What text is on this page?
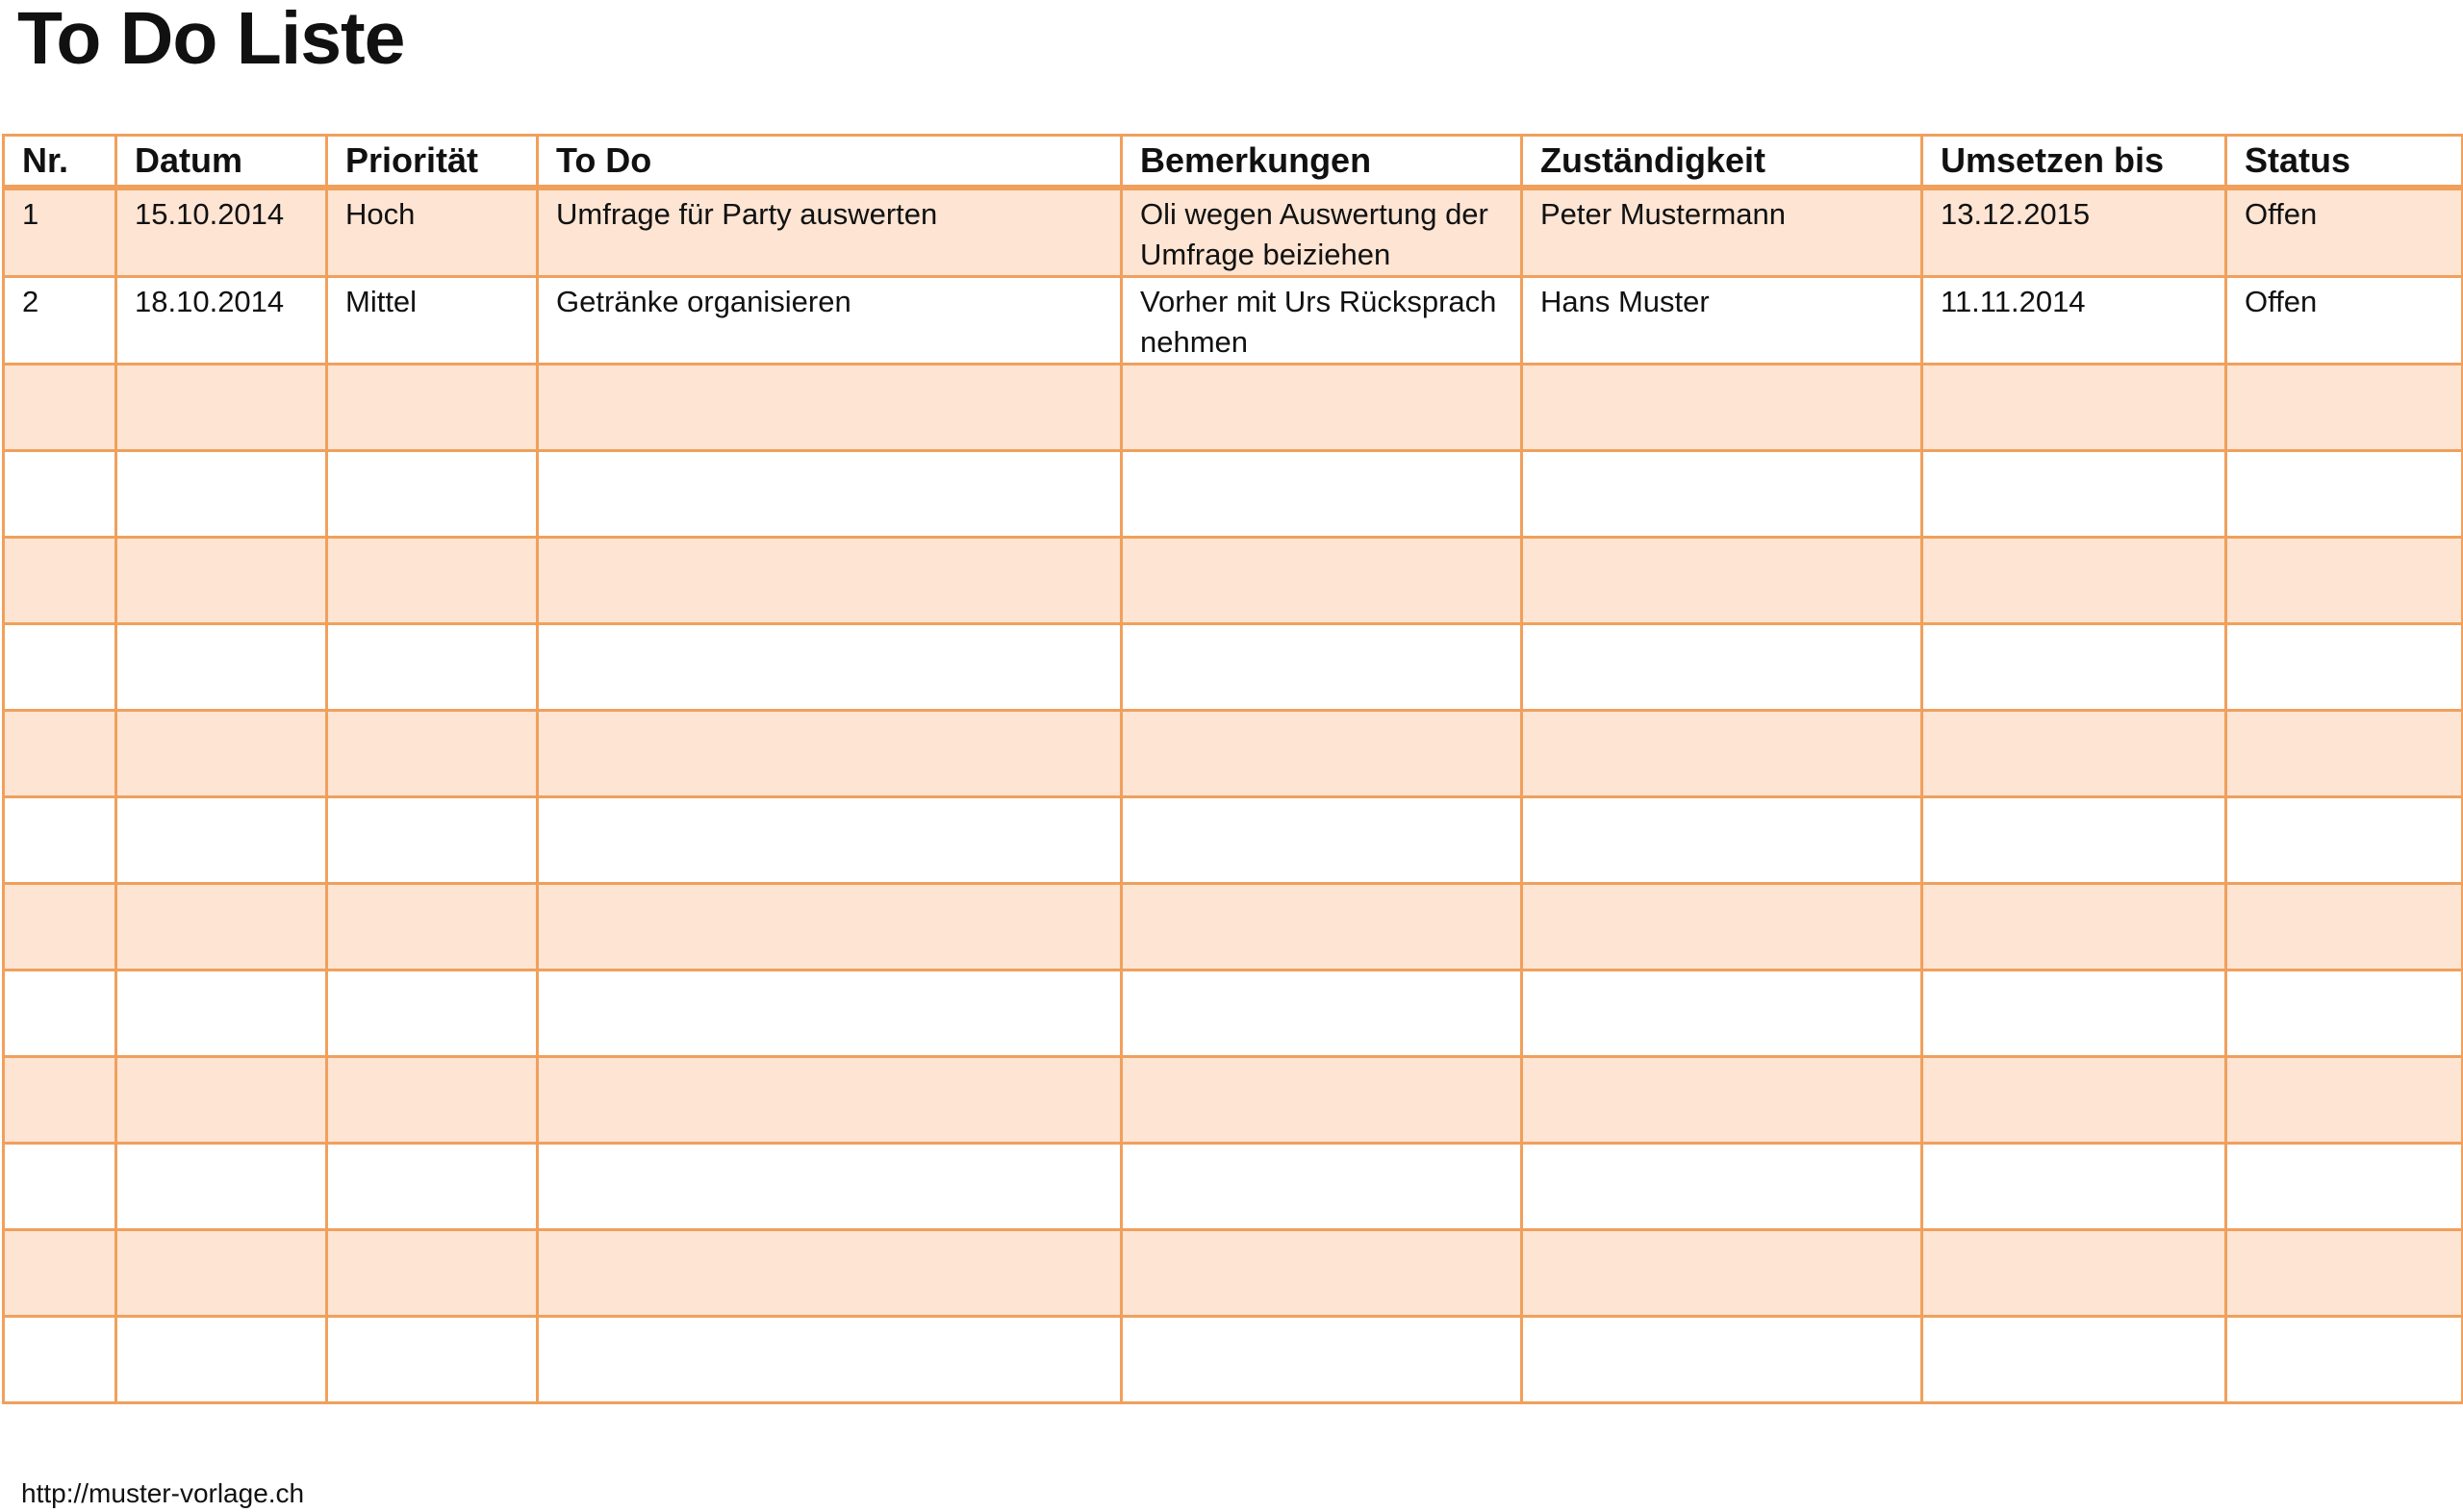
To Do Liste
Nr.	Datum	Priorität	To Do	Bemerkungen	Zuständigkeit	Umsetzen bis	Status
1	15.10.2014	Hoch	Umfrage für Party auswerten	Oli wegen Auswertung der Umfrage beiziehen	Peter Mustermann	13.12.2015	Offen
2	18.10.2014	Mittel	Getränke organisieren	Vorher mit Urs Rücksprach nehmen	Hans Muster	11.11.2014	Offen

http://muster-vorlage.ch
